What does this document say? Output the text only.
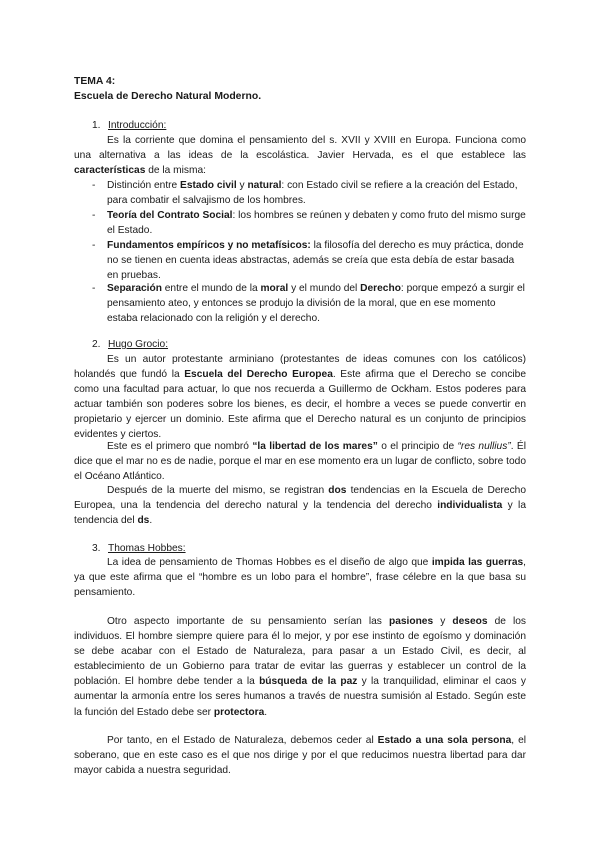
TEMA 4:
Escuela de Derecho Natural Moderno.
1. Introducción:
Es la corriente que domina el pensamiento del s. XVII y XVIII en Europa. Funciona como una alternativa a las ideas de la escolástica. Javier Hervada, es el que establece las características de la misma:
- Distinción entre Estado civil y natural: con Estado civil se refiere a la creación del Estado, para combatir el salvajismo de los hombres.
- Teoría del Contrato Social: los hombres se reúnen y debaten y como fruto del mismo surge el Estado.
- Fundamentos empíricos y no metafísicos: la filosofía del derecho es muy práctica, donde no se tienen en cuenta ideas abstractas, además se creía que esta debía de estar basada en pruebas.
- Separación entre el mundo de la moral y el mundo del Derecho: porque empezó a surgir el pensamiento ateo, y entonces se produjo la división de la moral, que en ese momento estaba relacionado con la religión y el derecho.
2. Hugo Grocio:
Es un autor protestante arminiano (protestantes de ideas comunes con los católicos) holandés que fundó la Escuela del Derecho Europea. Este afirma que el Derecho se concibe como una facultad para actuar, lo que nos recuerda a Guillermo de Ockham. Estos poderes para actuar también son poderes sobre los bienes, es decir, el hombre a veces se puede convertir en propietario y ejercer un dominio. Este afirma que el Derecho natural es un conjunto de principios evidentes y ciertos.
Este es el primero que nombró “la libertad de los mares” o el principio de “res nullius”. Él dice que el mar no es de nadie, porque el mar en ese momento era un lugar de conflicto, sobre todo el Océano Atlántico.
Después de la muerte del mismo, se registran dos tendencias en la Escuela de Derecho Europea, una la tendencia del derecho natural y la tendencia del derecho individualista y la tendencia del ds.
3. Thomas Hobbes:
La idea de pensamiento de Thomas Hobbes es el diseño de algo que impida las guerras, ya que este afirma que el “hombre es un lobo para el hombre”, frase célebre en la que basa su pensamiento.
Otro aspecto importante de su pensamiento serían las pasiones y deseos de los individuos. El hombre siempre quiere para él lo mejor, y por ese instinto de egoísmo y dominación se debe acabar con el Estado de Naturaleza, para pasar a un Estado Civil, es decir, al establecimiento de un Gobierno para tratar de evitar las guerras y establecer un control de la población. El hombre debe tender a la búsqueda de la paz y la tranquilidad, eliminar el caos y aumentar la armonía entre los seres humanos a través de nuestra sumisión al Estado. Según este la función del Estado debe ser protectora.
Por tanto, en el Estado de Naturaleza, debemos ceder al Estado a una sola persona, el soberano, que en este caso es el que nos dirige y por el que reducimos nuestra libertad para dar mayor cabida a nuestra seguridad.
